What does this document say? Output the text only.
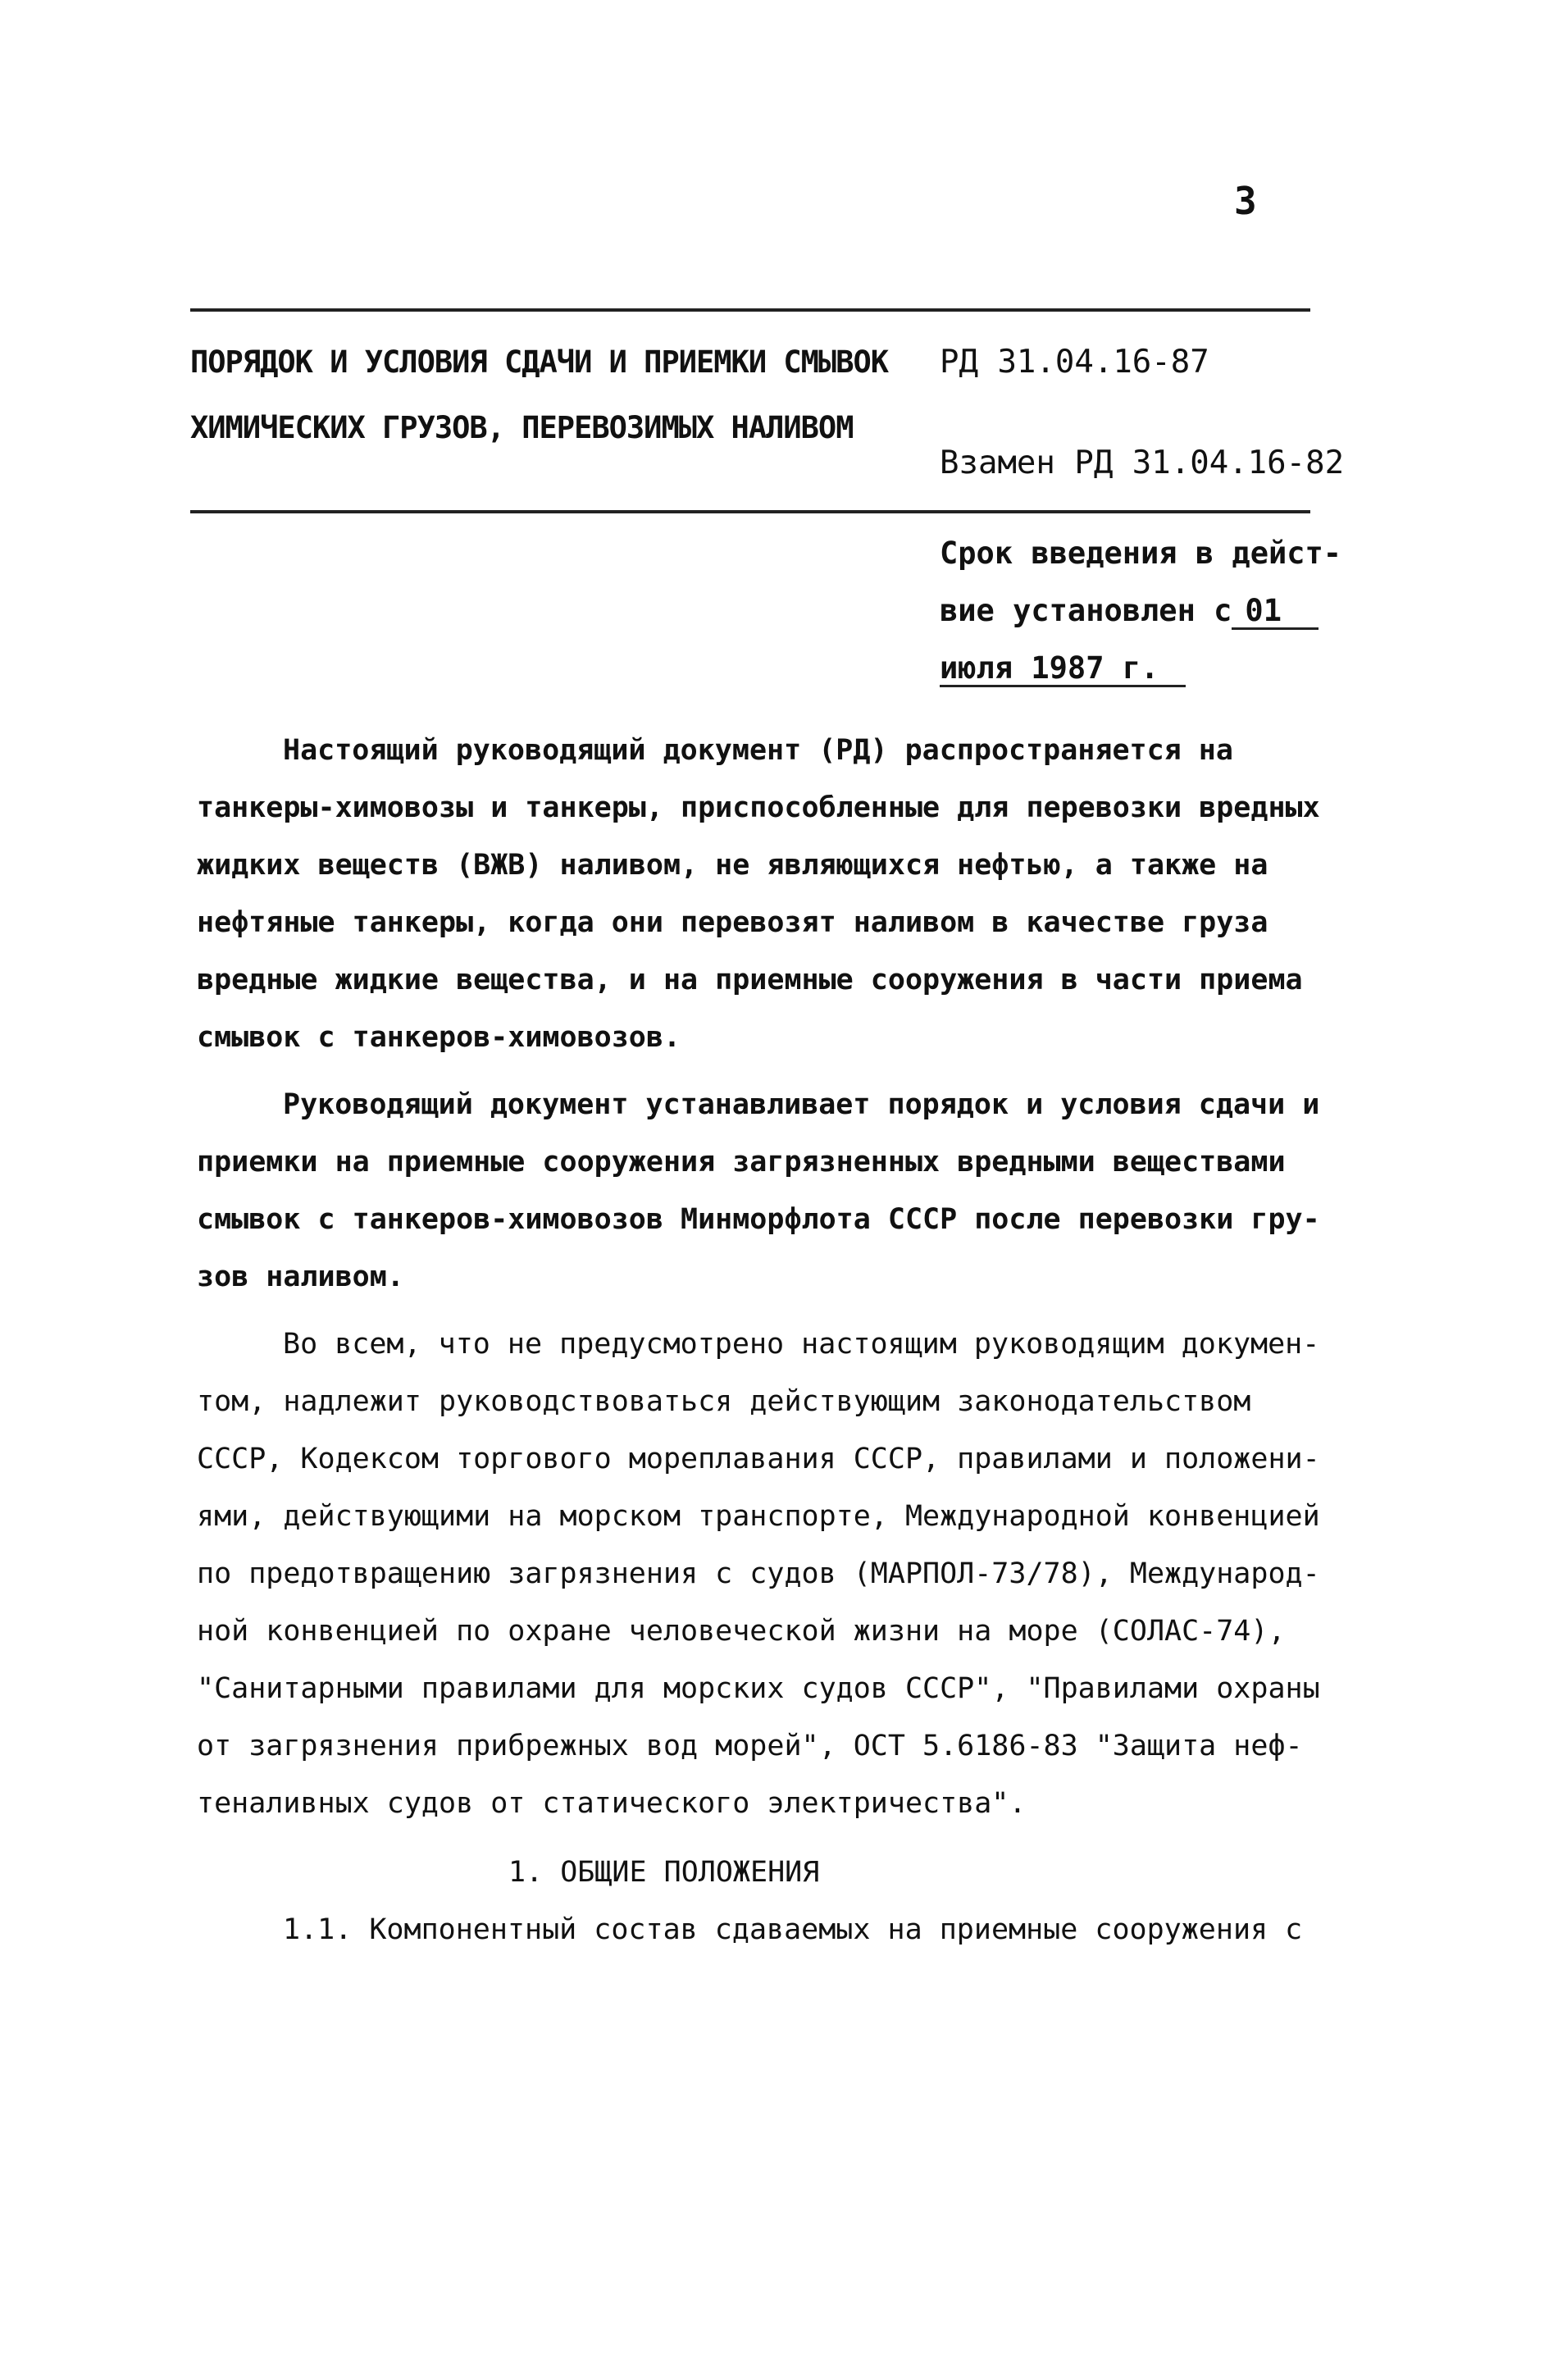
3
ПОРЯДОК И УСЛОВИЯ СДАЧИ И ПРИЕМКИ СМЫВОК
ХИМИЧЕСКИХ ГРУЗОВ, ПЕРЕВОЗИМЫХ НАЛИВОМ
РД 31.04.16-87
Взамен РД 31.04.16-82
Срок введения в дейст-
вие установлен с 01
июля 1987 г.
Настоящий руководящий документ (РД) распространяется на
танкеры-химовозы и танкеры, приспособленные для перевозки вредных
жидких веществ (ВЖВ) наливом, не являющихся нефтью, а также на
нефтяные танкеры, когда они перевозят наливом в качестве груза
вредные жидкие вещества, и на приемные сооружения в части приема
смывок с танкеров-химовозов.
Руководящий документ устанавливает порядок и условия сдачи и
приемки на приемные сооружения загрязненных вредными веществами
смывок с танкеров-химовозов Минморфлота СССР после перевозки гру-
зов наливом.
Во всем, что не предусмотрено настоящим руководящим докумен-
том, надлежит руководствоваться действующим законодательством
СССР, Кодексом торгового мореплавания СССР, правилами и положени-
ями, действующими на морском транспорте, Международной конвенцией
по предотвращению загрязнения с судов (МАРПОЛ-73/78), Международ-
ной конвенцией по охране человеческой жизни на море (СОЛАС-74),
"Санитарными правилами для морских судов СССР", "Правилами охраны
от загрязнения прибрежных вод морей", ОСТ 5.6186-83 "Защита неф-
теналивных судов от статического электричества".
1. ОБЩИЕ ПОЛОЖЕНИЯ
1.1. Компонентный состав сдаваемых на приемные сооружения с
